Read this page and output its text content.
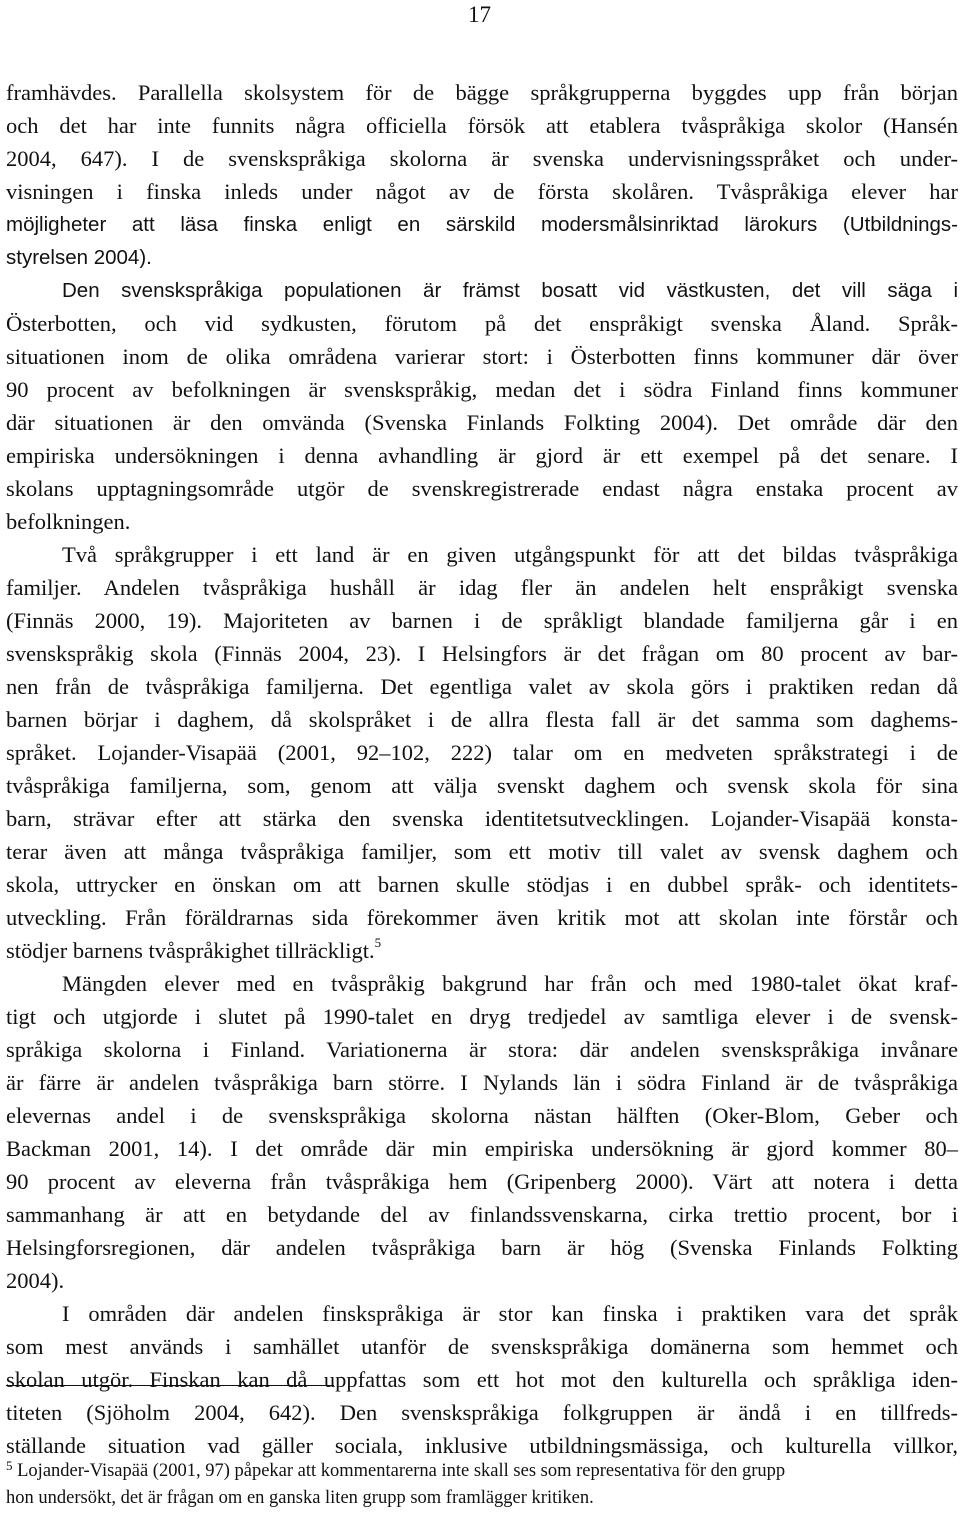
17
framhävdes. Parallella skolsystem för de bägge språkgrupperna byggdes upp från början
och det har inte funnits några officiella försök att etablera tvåspråkiga skolor (Hansén
2004, 647). I de svenskspråkiga skolorna är svenska undervisningsspråket och under-
visningen i finska inleds under något av de första skolåren. Tvåspråkiga elever har
möjligheter att läsa finska enligt en särskild modersmålsinriktad lärokurs (Utbildnings-
styrelsen 2004).
Den svenskspråkiga populationen är främst bosatt vid västkusten, det vill säga i
Österbotten, och vid sydkusten, förutom på det enspråkigt svenska Åland. Språk-
situationen inom de olika områdena varierar stort: i Österbotten finns kommuner där över
90 procent av befolkningen är svenskspråkig, medan det i södra Finland finns kommuner
där situationen är den omvända (Svenska Finlands Folkting 2004). Det område där den
empiriska undersökningen i denna avhandling är gjord är ett exempel på det senare. I
skolans upptagningsområde utgör de svenskregistrerade endast några enstaka procent av
befolkningen.
Två språkgrupper i ett land är en given utgångspunkt för att det bildas tvåspråkiga
familjer. Andelen tvåspråkiga hushåll är idag fler än andelen helt enspråkigt svenska
(Finnäs 2000, 19). Majoriteten av barnen i de språkligt blandade familjerna går i en
svenskspråkig skola (Finnäs 2004, 23). I Helsingfors är det frågan om 80 procent av bar-
nen från de tvåspråkiga familjerna. Det egentliga valet av skola görs i praktiken redan då
barnen börjar i daghem, då skolspråket i de allra flesta fall är det samma som daghems-
språket. Lojander-Visapää (2001, 92–102, 222) talar om en medveten språkstrategi i de
tvåspråkiga familjerna, som, genom att välja svenskt daghem och svensk skola för sina
barn, strävar efter att stärka den svenska identitetsutvecklingen. Lojander-Visapää konsta-
terar även att många tvåspråkiga familjer, som ett motiv till valet av svensk daghem och
skola, uttrycker en önskan om att barnen skulle stödjas i en dubbel språk- och identitets-
utveckling. Från föräldrarnas sida förekommer även kritik mot att skolan inte förstår och
stödjer barnens tvåspråkighet tillräckligt.$^5$
Mängden elever med en tvåspråkig bakgrund har från och med 1980-talet ökat kraf-
tigt och utgjorde i slutet på 1990-talet en dryg tredjedel av samtliga elever i de svensk-
språkiga skolorna i Finland. Variationerna är stora: där andelen svenskspråkiga invånare
är färre är andelen tvåspråkiga barn större. I Nylands län i södra Finland är de tvåspråkiga
elevernas andel i de svenskspråkiga skolorna nästan hälften (Oker-Blom, Geber och
Backman 2001, 14). I det område där min empiriska undersökning är gjord kommer 80–
90 procent av eleverna från tvåspråkiga hem (Gripenberg 2000). Värt att notera i detta
sammanhang är att en betydande del av finlandssvenskarna, cirka trettio procent, bor i
Helsingforsregionen, där andelen tvåspråkiga barn är hög (Svenska Finlands Folkting
2004).
I områden där andelen finskspråkiga är stor kan finska i praktiken vara det språk
som mest används i samhället utanför de svenskspråkiga domänerna som hemmet och
skolan utgör. Finskan kan då uppfattas som ett hot mot den kulturella och språkliga iden-
titeten (Sjöholm 2004, 642). Den svenskspråkiga folkgruppen är ändå i en tillfreds-
ställande situation vad gäller sociala, inklusive utbildningsmässiga, och kulturella villkor,
$^5$ Lojander-Visapää (2001, 97) påpekar att kommentarerna inte skall ses som representativa för den grupp
hon undersökt, det är frågan om en ganska liten grupp som framlägger kritiken.
